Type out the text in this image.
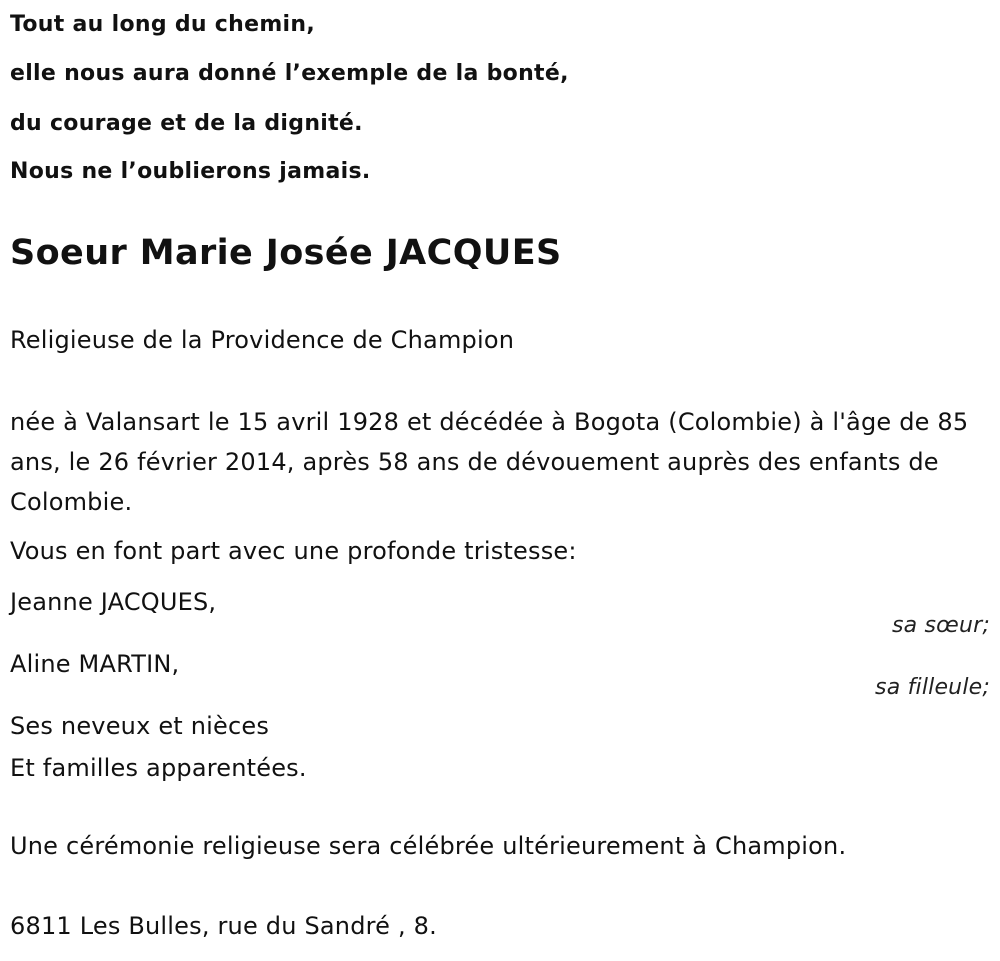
Tout au long du chemin,
elle nous aura donné l’exemple de la bonté,
du courage et de la dignité.
Nous ne l’oublierons jamais.
Soeur Marie Josée JACQUES
Religieuse de la Providence de Champion
née à Valansart le 15 avril 1928 et décédée à Bogota (Colombie) à l'âge de 85 ans, le 26 février 2014, après 58 ans de dévouement auprès des enfants de Colombie.
Vous en font part avec une profonde tristesse:
Jeanne JACQUES,
sa sœur;
Aline MARTIN,
sa filleule;
Ses neveux et nièces
Et familles apparentées.
Une cérémonie religieuse sera célébrée ultérieurement à Champion.
6811 Les Bulles, rue du Sandré , 8.
